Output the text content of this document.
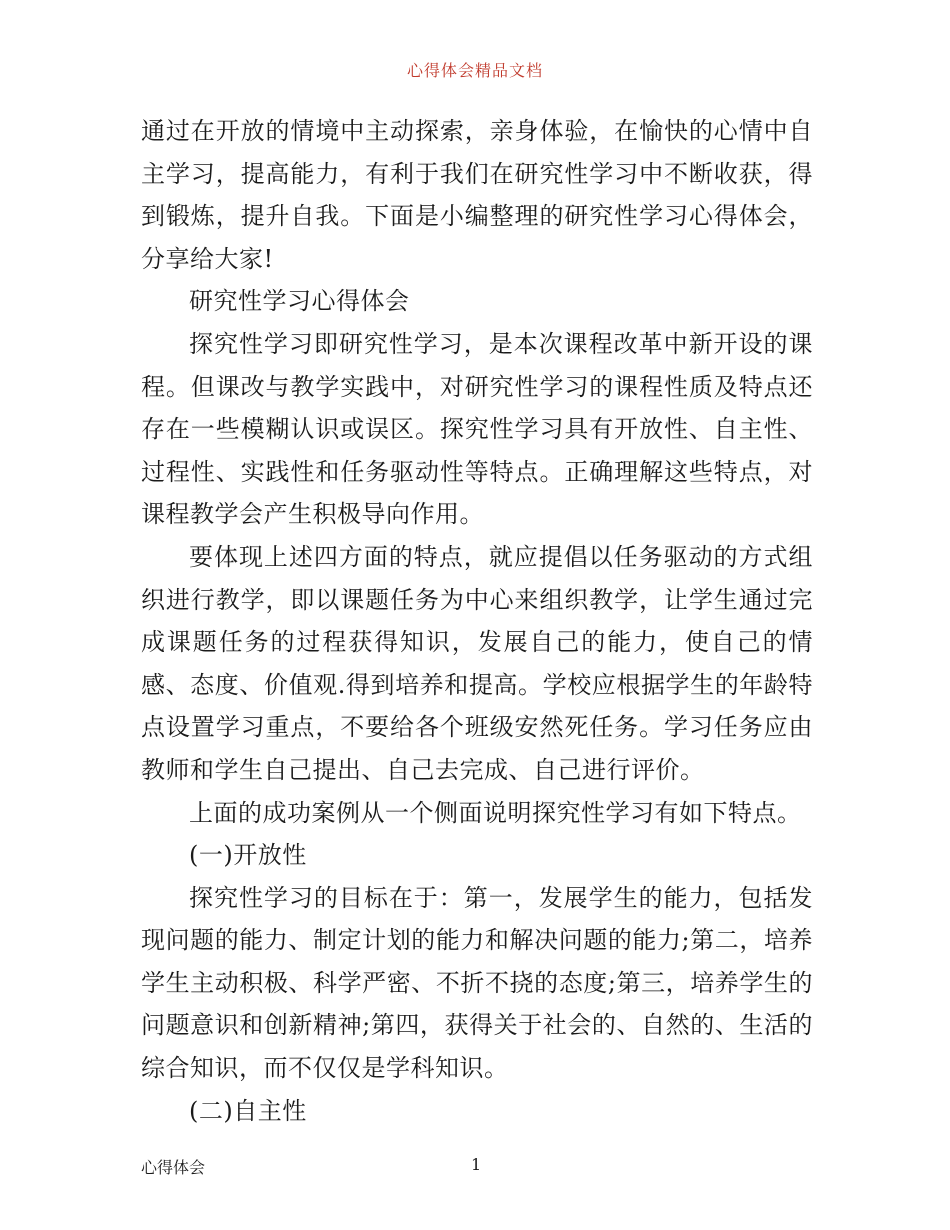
心得体会精品文档

通过在开放的情境中主动探索，亲身体验，在愉快的心情中自主学习，提高能力，有利于我们在研究性学习中不断收获，得到锻炼，提升自我。下面是小编整理的研究性学习心得体会，分享给大家!

研究性学习心得体会

探究性学习即研究性学习，是本次课程改革中新开设的课程。但课改与教学实践中，对研究性学习的课程性质及特点还存在一些模糊认识或误区。探究性学习具有开放性、自主性、过程性、实践性和任务驱动性等特点。正确理解这些特点，对课程教学会产生积极导向作用。

要体现上述四方面的特点，就应提倡以任务驱动的方式组织进行教学，即以课题任务为中心来组织教学，让学生通过完成课题任务的过程获得知识，发展自己的能力，使自己的情感、态度、价值观.得到培养和提高。学校应根据学生的年龄特点设置学习重点，不要给各个班级安然死任务。学习任务应由教师和学生自己提出、自己去完成、自己进行评价。

上面的成功案例从一个侧面说明探究性学习有如下特点。

(一)开放性

探究性学习的目标在于：第一，发展学生的能力，包括发现问题的能力、制定计划的能力和解决问题的能力;第二，培养学生主动积极、科学严密、不折不挠的态度;第三，培养学生的问题意识和创新精神;第四，获得关于社会的、自然的、生活的综合知识，而不仅仅是学科知识。

(二)自主性

心得体会	1
